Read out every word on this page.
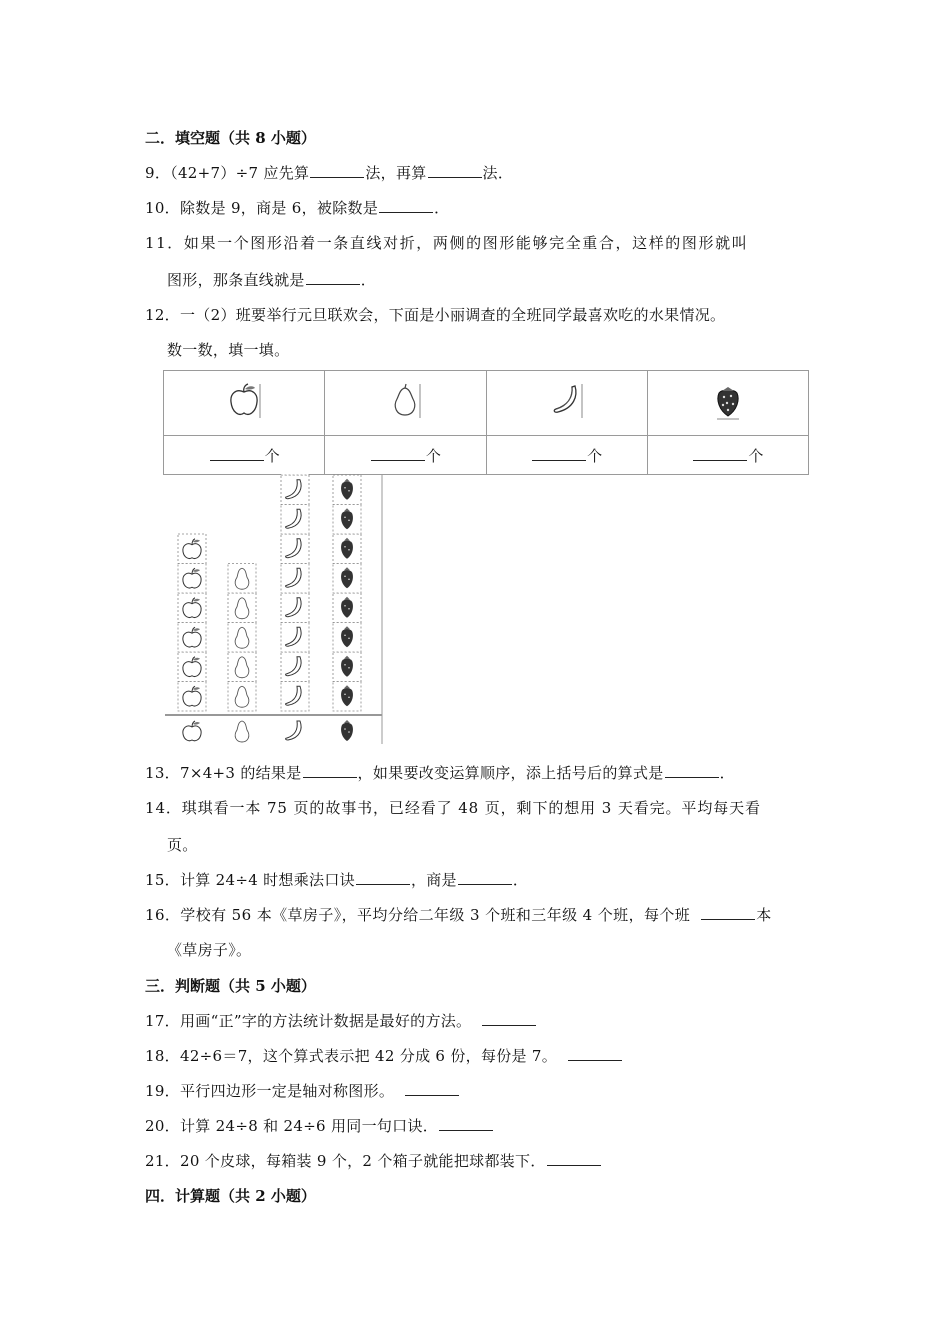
二．填空题（共 8 小题）
9．（42+7）÷7 应先算	法，再算	法．
10．除数是 9，商是 6，被除数是	．
11．如果一个图形沿着一条直线对折，两侧的图形能够完全重合，这样的图形就叫
图形，那条直线就是	．
12．一（2）班要举行元旦联欢会，下面是小丽调查的全班同学最喜欢吃的水果情况。
数一数，填一填。

个	个	个	个
13．7×4+3 的结果是	，如果要改变运算顺序，添上括号后的算式是	．
14．琪琪看一本 75 页的故事书，已经看了 48 页，剩下的想用 3 天看完。平均每天看
页。
15．计算 24÷4 时想乘法口诀	，商是	．
16．学校有 56 本《草房子》，平均分给二年级 3 个班和三年级 4 个班，每个班	本
《草房子》。
三．判断题（共 5 小题）
17．用画“正”字的方法统计数据是最好的方法。
18．42÷6＝7，这个算式表示把 42 分成 6 份，每份是 7。
19．平行四边形一定是轴对称图形。
20．计算 24÷8 和 24÷6 用同一句口诀．
21．20 个皮球，每箱装 9 个，2 个箱子就能把球都装下．
四．计算题（共 2 小题）
